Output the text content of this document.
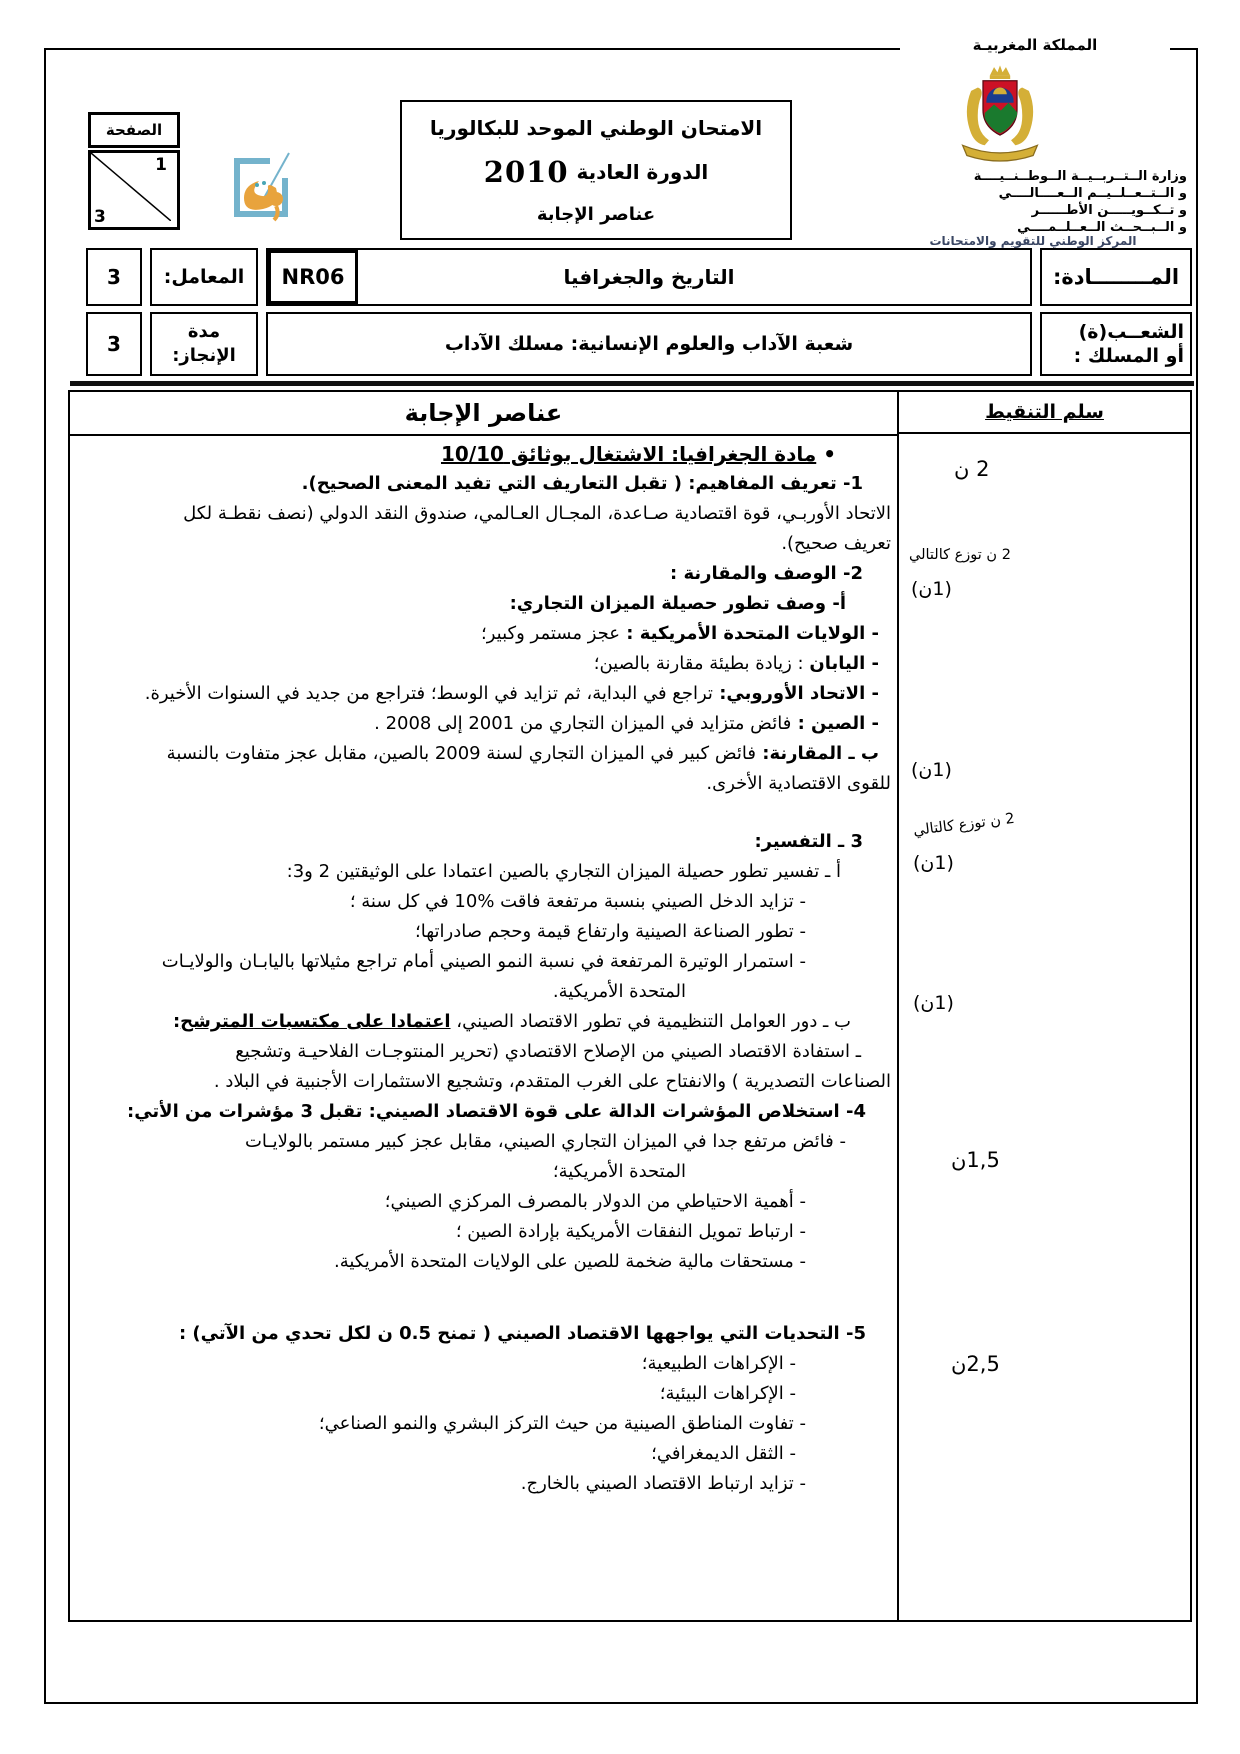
المملكة المغربيـة
وزارة الــتــربــيــة الــوطــنــيــــة
و الــتــعــلــيــم الــعــــالــــي
و تــكــويـــــن الأطــــــر
و الــبــحــث الــعــلــمــــي
المركز الوطني للتقويم والامتحانات
الصفحة
1
3
الامتحان الوطني الموحد للبكالوريا
الدورة العادية
2010
عناصر الإجابة
المــــــــادة:
التاريخ والجغرافيا
NR06
المعامل:
3
الشعــب(ة)
أو المسلك :
شعبة الآداب والعلوم الإنسانية: مسلك الآداب
مدة
الإنجاز:
3
عناصر الإجابة	سلم التنقيط
• مادة الجغرافيا: الاشتغال بوثائق 10/10
1- تعريف المفاهيم: ( تقبل التعاريف التي تفيد المعنى الصحيح).
الاتحاد الأوربـي، قوة اقتصادية صـاعدة، المجـال العـالمي، صندوق النقد الدولي (نصف نقطـة لكل
تعريف صحيح).
2- الوصف والمقارنة :
أ- وصف تطور حصيلة الميزان التجاري:
- الولايات المتحدة الأمريكية : عجز مستمر وكبير؛
- اليابان : زيادة بطيئة مقارنة بالصين؛
- الاتحاد الأوروبي: تراجع في البداية، ثم تزايد في الوسط؛ فتراجع من جديد في السنوات الأخيرة.
- الصين : فائض متزايد في الميزان التجاري من 2001 إلى 2008 .
ب ـ المقارنة: فائض كبير في الميزان التجاري لسنة 2009 بالصين، مقابل عجز متفاوت بالنسبة
للقوى الاقتصادية الأخرى.
3 ـ التفسير:
أ ـ تفسير تطور حصيلة الميزان التجاري بالصين اعتمادا على الوثيقتين 2 و3:
- تزايد الدخل الصيني بنسبة مرتفعة فاقت %10 في كل سنة ؛
- تطور الصناعة الصينية وارتفاع قيمة وحجم صادراتها؛
- استمرار الوتيرة المرتفعة في نسبة النمو الصيني أمام تراجع مثيلاتها باليابـان والولايـات
المتحدة الأمريكية.
ب ـ دور العوامل التنظيمية في تطور الاقتصاد الصيني، اعتمادا على مكتسبات المترشح:
ـ استفادة الاقتصاد الصيني من الإصلاح الاقتصادي (تحرير المنتوجـات الفلاحيـة وتشجيع
الصناعات التصديرية ) والانفتاح على الغرب المتقدم، وتشجيع الاستثمارات الأجنبية في البلاد .
4- استخلاص المؤشرات الدالة على قوة الاقتصاد الصيني: تقبل 3 مؤشرات من الأتي:
- فائض مرتفع جدا في الميزان التجاري الصيني، مقابل عجز كبير مستمر بالولايـات
المتحدة الأمريكية؛
- أهمية الاحتياطي من الدولار بالمصرف المركزي الصيني؛
- ارتباط تمويل النفقات الأمريكية بإرادة الصين ؛
- مستحقات مالية ضخمة للصين على الولايات المتحدة الأمريكية.
5- التحديات التي يواجهها الاقتصاد الصيني ( تمنح 0.5 ن لكل تحدي من الآتي) :
- الإكراهات الطبيعية؛
- الإكراهات البيئية؛
- تفاوت المناطق الصينية من حيث التركز البشري والنمو الصناعي؛
- الثقل الديمغرافي؛
- تزايد ارتباط الاقتصاد الصيني بالخارج.
2 ن
2 ن توزع كالتالي
(1ن)
(1ن)
2 ن توزع كالتالي
(1ن)
(1ن)
1,5ن
2,5ن
